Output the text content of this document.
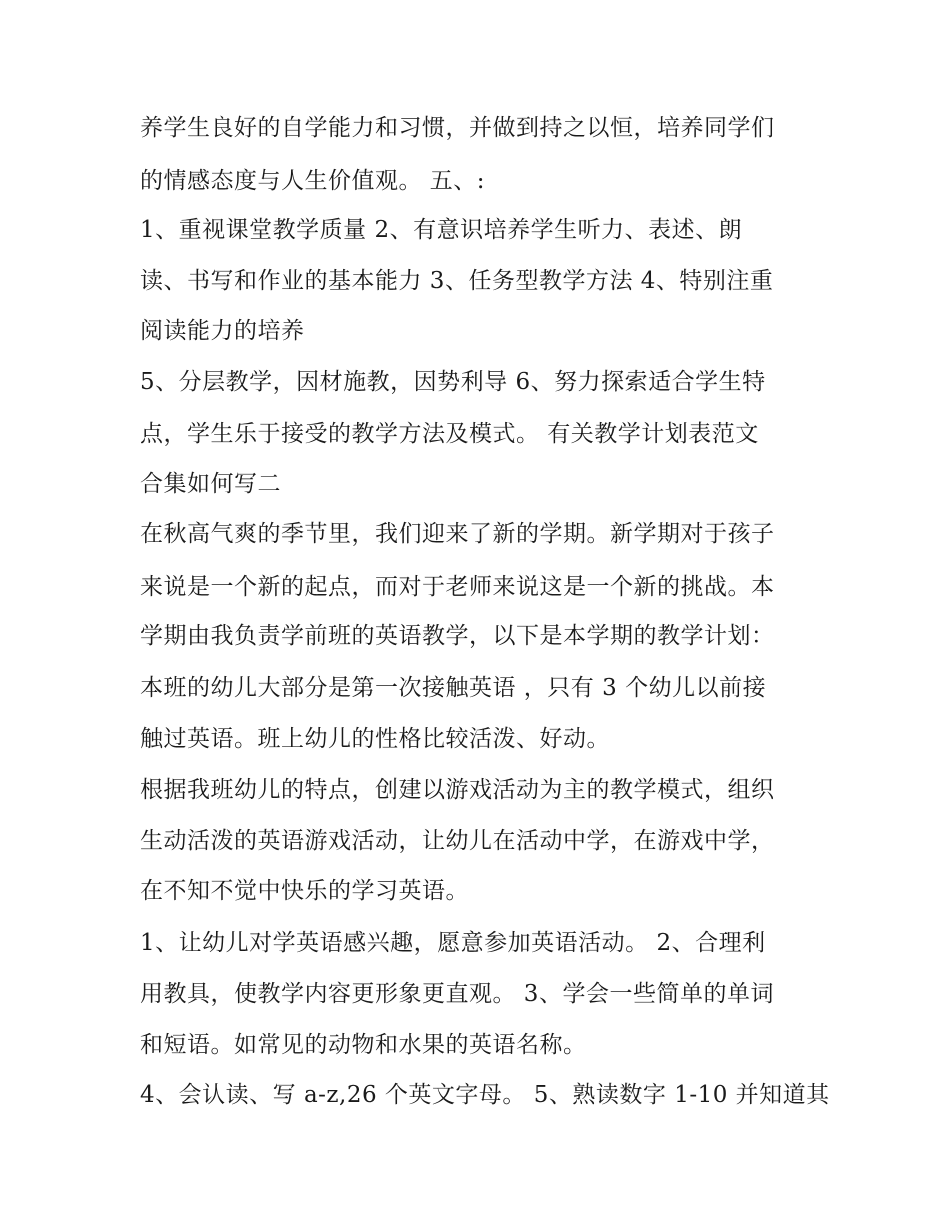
养学生良好的自学能力和习惯，并做到持之以恒，培养同学们
的情感态度与人生价值观。 五、:
1、重视课堂教学质量 2、有意识培养学生听力、表述、朗
读、书写和作业的基本能力 3、任务型教学方法 4、特别注重
阅读能力的培养
5、分层教学，因材施教，因势利导 6、努力探索适合学生特
点，学生乐于接受的教学方法及模式。 有关教学计划表范文
合集如何写二
在秋高气爽的季节里，我们迎来了新的学期。新学期对于孩子
来说是一个新的起点，而对于老师来说这是一个新的挑战。本
学期由我负责学前班的英语教学，以下是本学期的教学计划：
本班的幼儿大部分是第一次接触英语 ，只有 3 个幼儿以前接
触过英语。班上幼儿的性格比较活泼、好动。
根据我班幼儿的特点，创建以游戏活动为主的教学模式，组织
生动活泼的英语游戏活动，让幼儿在活动中学，在游戏中学，
在不知不觉中快乐的学习英语。
1、让幼儿对学英语感兴趣，愿意参加英语活动。 2、合理利
用教具，使教学内容更形象更直观。 3、学会一些简单的单词
和短语。如常见的动物和水果的英语名称。
4、会认读、写 a-z,26 个英文字母。 5、熟读数字 1-10 并知道其
